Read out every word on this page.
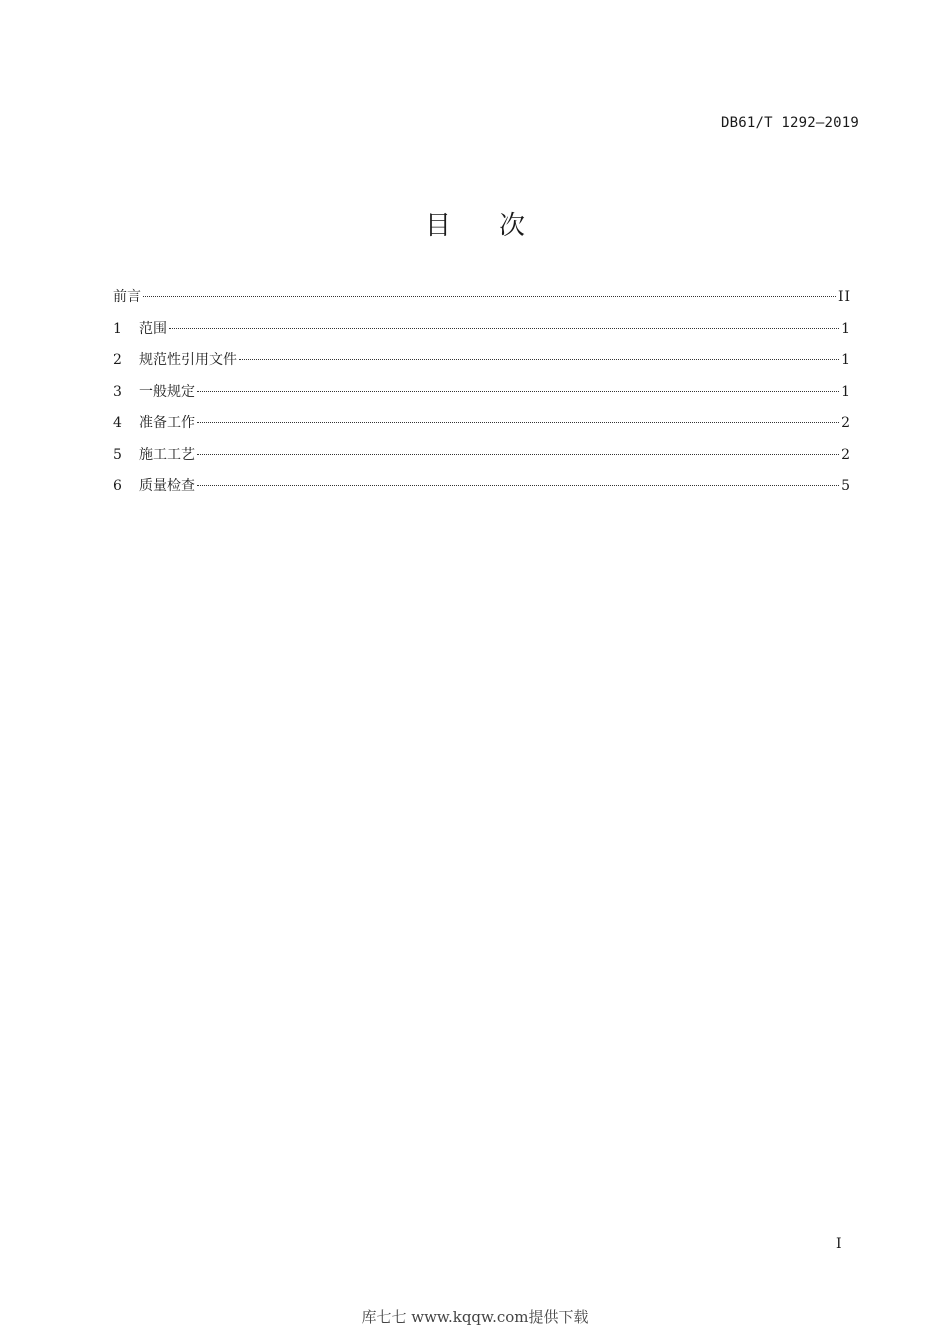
DB61/T 1292—2019
目次
前言	II
1	范围	1
2	规范性引用文件	1
3	一般规定	1
4	准备工作	2
5	施工工艺	2
6	质量检查	5
I
库七七 www.kqqw.com提供下载
